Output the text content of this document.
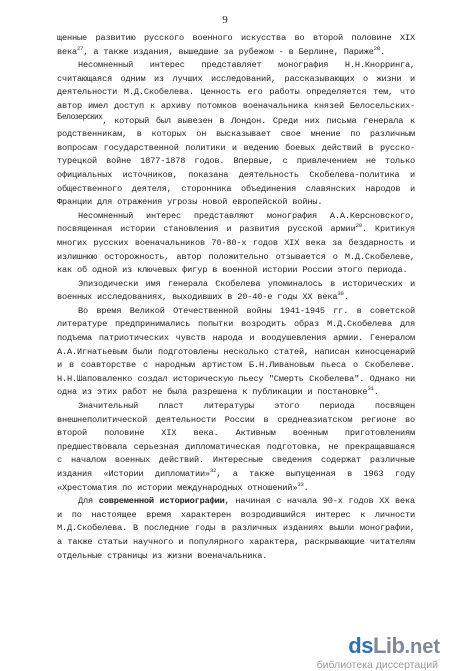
9

щенные развитию русского военного искусства во второй половине XIX века$^{27}$, а также издания, вышедшие за рубежом - в Берлине, Париже$^{28}$.

Несомненный интерес представляет монография Н.Н.Кнорринга, считающаяся одним из лучших исследований, рассказывающих о жизни и деятельности М.Д.Скобелева. Ценность его работы определяется тем, что автор имел доступ к архиву потомков военачальника князей Белосельских-Белозерских, который был вывезен в Лондон. Среди них письма генерала к родственникам, в которых он высказывает свое мнение по различным вопросам государственной политики и ведению боевых действий в русско-турецкой войне 1877-1878 годов. Впервые, с привлечением не только официальных источников, показана деятельность Скобелева-политика и общественного деятеля, сторонника объединения славянских народов и Франции для отражения угрозы новой европейской войны.

Несомненный интерес представляют монография А.А.Керсновского, посвященная истории становления и развития русской армии$^{29}$. Критикуя многих русских военачальников 70-80-х годов XIX века за бездарность и излишнюю осторожность, автор положительно отзывается о М.Д.Скобелеве, как об одной из ключевых фигур в военной истории России этого периода.

Эпизодически имя генерала Скобелева упоминалось в исторических и военных исследованиях, выходивших в 20-40-е годы XX века$^{30}$.

Во время Великой Отечественной войны 1941-1945 гг. в советской литературе предпринимались попытки возродить образ М.Д.Скобелева для подъема патриотических чувств народа и воодушевления армии. Генералом А.А.Игнатьевым были подготовлены несколько статей, написан киносценарий и в соавторстве с народным артистом Б.Н.Ливановым пьеса о Скобелеве. Н.Н.Шаповаленко создал историческую пьесу "Смерть Скобелева". Однако ни одна из этих работ не была разрешена к публикации и постановке$^{31}$.

Значительный пласт литературы этого периода посвящен внешнеполитической деятельности России в среднеазиатском регионе во второй половине XIX века. Активным военным приготовлениям предшествовала серьезная дипломатическая подготовка, не прекращавшаяся с началом военных действий. Интересные сведения содержат различные издания «Истории дипломатии»$^{32}$, а также выпущенная в 1963 году «Хрестоматия по истории международных отношений»$^{33}$.

Для современной историографии, начиная с начала 90-х годов XX века и по настоящее время характерен возродившийся интерес к личности М.Д.Скобелева. В последние годы в различных изданиях вышли монографии, а также статьи научного и популярного характера, раскрывающие читателям отдельные страницы из жизни военачальника.

ds Lib .net
библиотека диссертаций
